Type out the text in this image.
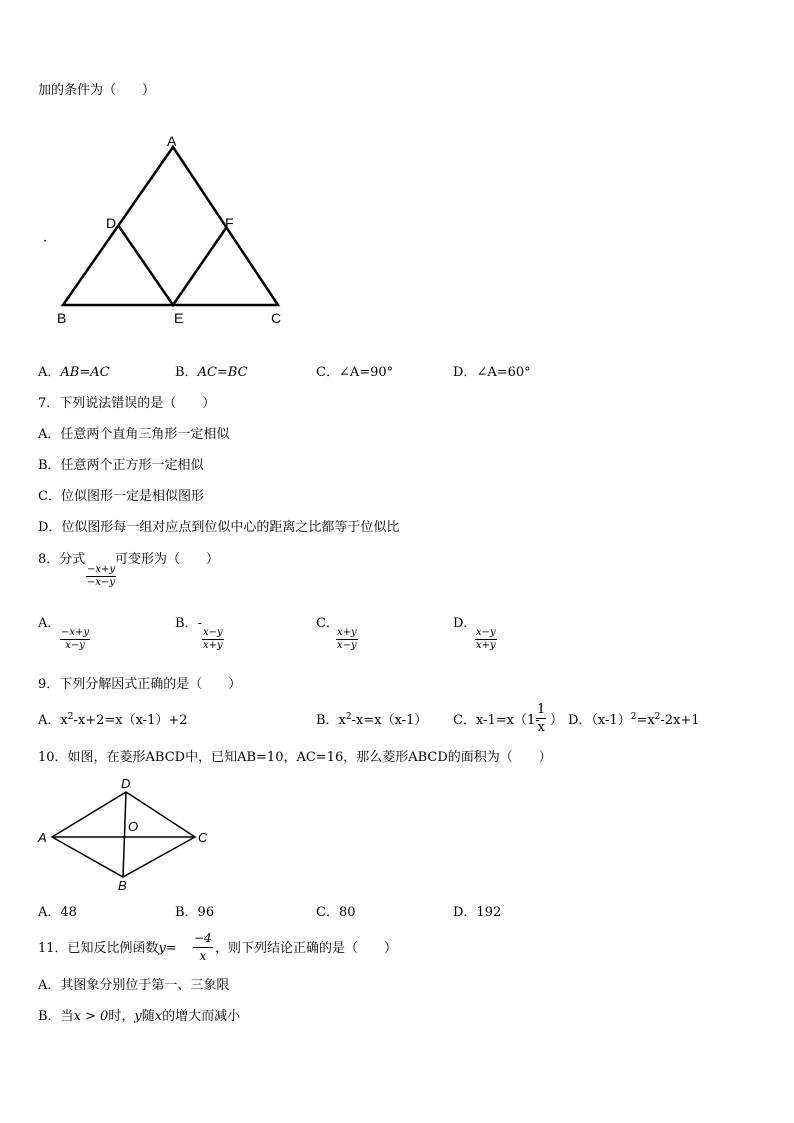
加的条件为（　　）
A
D	F
B	E	C
·
A．AB=AC	B．AC=BC	C．∠A=90°	D．∠A=60°
7．下列说法错误的是（　　）
A．任意两个直角三角形一定相似
B．任意两个正方形一定相似
C．位似图形一定是相似图形
D．位似图形每一组对应点到位似中心的距离之比都等于位似比
8．分式
$\frac{-x+y}{-x-y}$
可变形为（　　）
A．
$\frac{-x+y}{x-y}$
B．-
$\frac{x-y}{x+y}$
C．
$\frac{x+y}{x-y}$
D．
$\frac{x-y}{x+y}$
9．下列分解因式正确的是（　　）
A．$x^2-x+2=x(x-1)+2$	B．$x^2-x=x(x-1)$ C．x-1=x（1-
$\frac{1}{x}$ ） D．$(x-1)^2=x^2-2x+1$
10．如图，在菱形ABCD中，已知AB=10，AC=16，那么菱形ABCD的面积为（　　）
D
A
O
C
B
A．48	B．96	C．80	D．192
11．已知反比例函数$y= \frac{-4}{x}$ ，则下列结论正确的是（　　）
A．其图象分别位于第一、三象限
B．当x > 0时，y随x的增大而减小
